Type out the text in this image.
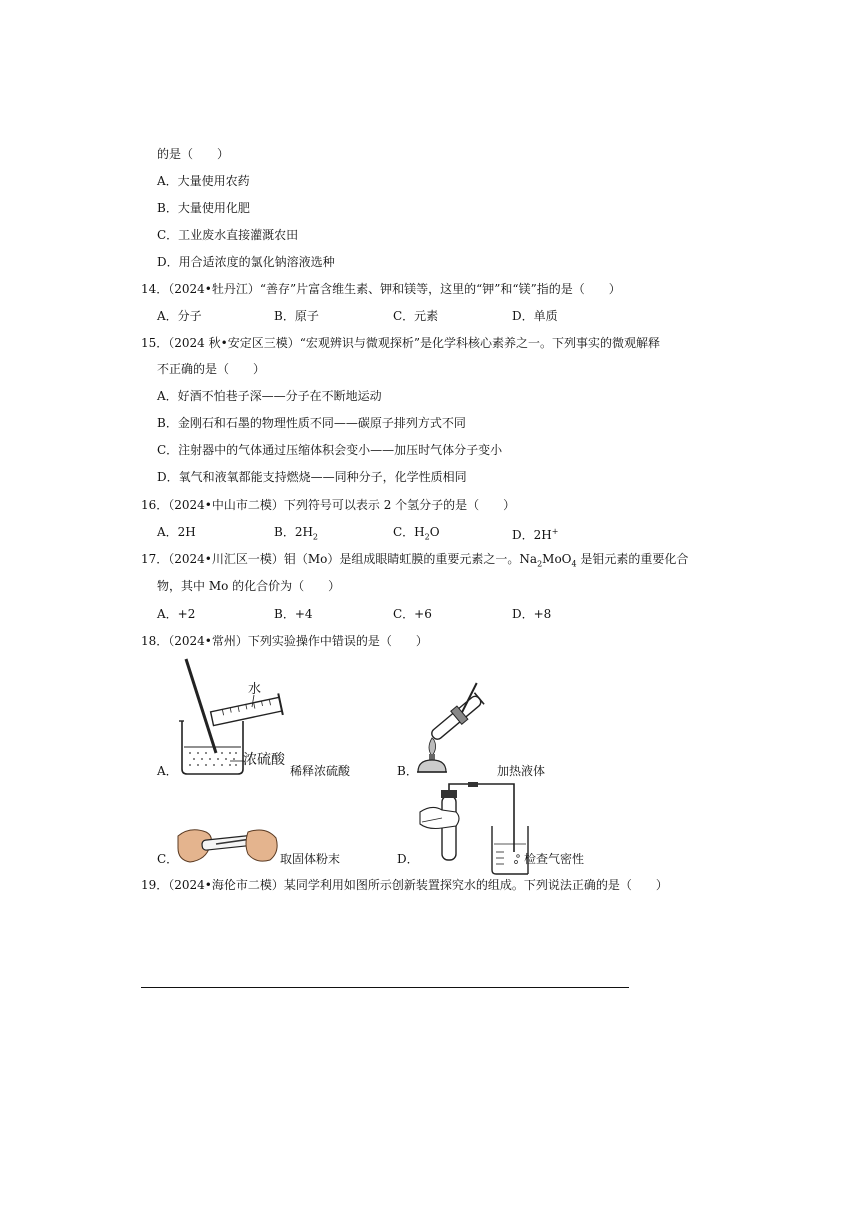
的是（　　）
A．大量使用农药
B．大量使用化肥
C．工业废水直接灌溉农田
D．用合适浓度的氯化钠溶液选种
14．（2024•牡丹江）“善存”片富含维生素、钾和镁等，这里的“钾”和“镁”指的是（　　）
A．分子	B．原子	C．元素	D．单质
15．（2024 秋•安定区三模）“宏观辨识与微观探析”是化学科核心素养之一。下列事实的微观解释
不正确的是（　　）
A．好酒不怕巷子深——分子在不断地运动
B．金刚石和石墨的物理性质不同——碳原子排列方式不同
C．注射器中的气体通过压缩体积会变小——加压时气体分子变小
D．氧气和液氧都能支持燃烧——同种分子，化学性质相同
16．（2024•中山市二模）下列符号可以表示 2 个氢分子的是（　　）
A．2H	B．$2H_2$	C．$H_2O$	D．2H+
17．（2024•川汇区一模）钼（Mo）是组成眼睛虹膜的重要元素之一。$Na_2MoO_4$ 是钼元素的重要化合
物，其中 Mo 的化合价为（　　）
A．+2	B．+4	C．+6	D．+8
18．（2024•常州）下列实验操作中错误的是（　　）
A．
水
浓硫酸
稀释浓硫酸	B．	加热液体
C．	取固体粉末	D．	检查气密性
19．（2024•海伦市二模）某同学利用如图所示创新装置探究水的组成。下列说法正确的是（　　）
